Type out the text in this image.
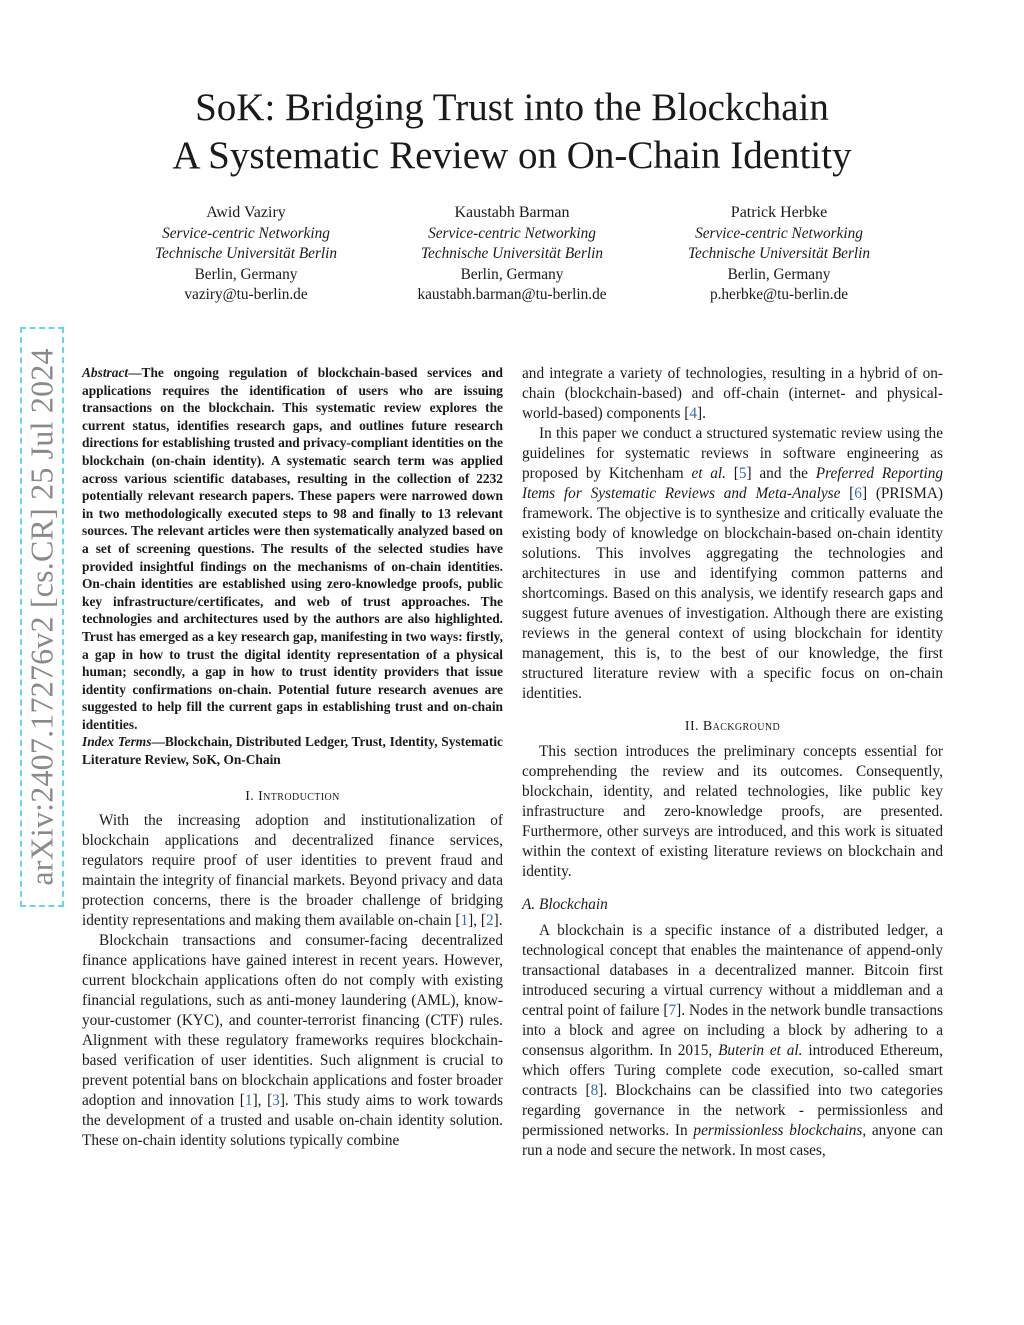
SoK: Bridging Trust into the Blockchain
A Systematic Review on On-Chain Identity
Awid Vaziry
Service-centric Networking
Technische Universität Berlin
Berlin, Germany
vaziry@tu-berlin.de
Kaustabh Barman
Service-centric Networking
Technische Universität Berlin
Berlin, Germany
kaustabh.barman@tu-berlin.de
Patrick Herbke
Service-centric Networking
Technische Universität Berlin
Berlin, Germany
p.herbke@tu-berlin.de
arXiv:2407.17276v2 [cs.CR] 25 Jul 2024 Abstract—The ongoing regulation of blockchain-based services and applications requires the identification of users who are issuing transactions on the blockchain. This systematic review explores the current status, identifies research gaps, and outlines future research directions for establishing trusted and privacy-compliant identities on the blockchain (on-chain identity). A systematic search term was applied across various scientific databases, resulting in the collection of 2232 potentially relevant research papers. These papers were narrowed down in two methodologically executed steps to 98 and finally to 13 relevant sources. The relevant articles were then systematically analyzed based on a set of screening questions. The results of the selected studies have provided insightful findings on the mechanisms of on-chain identities. On-chain identities are established using zero-knowledge proofs, public key infrastructure/certificates, and web of trust approaches. The technologies and architectures used by the authors are also highlighted. Trust has emerged as a key research gap, manifesting in two ways: firstly, a gap in how to trust the digital identity representation of a physical human; secondly, a gap in how to trust identity providers that issue identity confirmations on-chain. Potential future research avenues are suggested to help fill the current gaps in establishing trust and on-chain identities.

Index Terms—Blockchain, Distributed Ledger, Trust, Identity, Systematic Literature Review, SoK, On-Chain

I. Introduction

With the increasing adoption and institutionalization of blockchain applications and decentralized finance services, regulators require proof of user identities to prevent fraud and maintain the integrity of financial markets. Beyond privacy and data protection concerns, there is the broader challenge of bridging identity representations and making them available on-chain [1], [2].

Blockchain transactions and consumer-facing decentralized finance applications have gained interest in recent years. However, current blockchain applications often do not comply with existing financial regulations, such as anti-money laundering (AML), know-your-customer (KYC), and counter-terrorist financing (CTF) rules. Alignment with these regulatory frameworks requires blockchain-based verification of user identities. Such alignment is crucial to prevent potential bans on blockchain applications and foster broader adoption and innovation [1], [3]. This study aims to work towards the development of a trusted and usable on-chain identity solution. These on-chain identity solutions typically combine

and integrate a variety of technologies, resulting in a hybrid of on-chain (blockchain-based) and off-chain (internet- and physical-world-based) components [4].

In this paper we conduct a structured systematic review using the guidelines for systematic reviews in software engineering as proposed by Kitchenham et al. [5] and the Preferred Reporting Items for Systematic Reviews and Meta-Analyse [6] (PRISMA) framework. The objective is to synthesize and critically evaluate the existing body of knowledge on blockchain-based on-chain identity solutions. This involves aggregating the technologies and architectures in use and identifying common patterns and shortcomings. Based on this analysis, we identify research gaps and suggest future avenues of investigation. Although there are existing reviews in the general context of using blockchain for identity management, this is, to the best of our knowledge, the first structured literature review with a specific focus on on-chain identities.

II. Background

This section introduces the preliminary concepts essential for comprehending the review and its outcomes. Consequently, blockchain, identity, and related technologies, like public key infrastructure and zero-knowledge proofs, are presented. Furthermore, other surveys are introduced, and this work is situated within the context of existing literature reviews on blockchain and identity.

A. Blockchain

A blockchain is a specific instance of a distributed ledger, a technological concept that enables the maintenance of append-only transactional databases in a decentralized manner. Bitcoin first introduced securing a virtual currency without a middleman and a central point of failure [7]. Nodes in the network bundle transactions into a block and agree on including a block by adhering to a consensus algorithm. In 2015, Buterin et al. introduced Ethereum, which offers Turing complete code execution, so-called smart contracts [8]. Blockchains can be classified into two categories regarding governance in the network - permissionless and permissioned networks. In permissionless blockchains, anyone can run a node and secure the network. In most cases,
